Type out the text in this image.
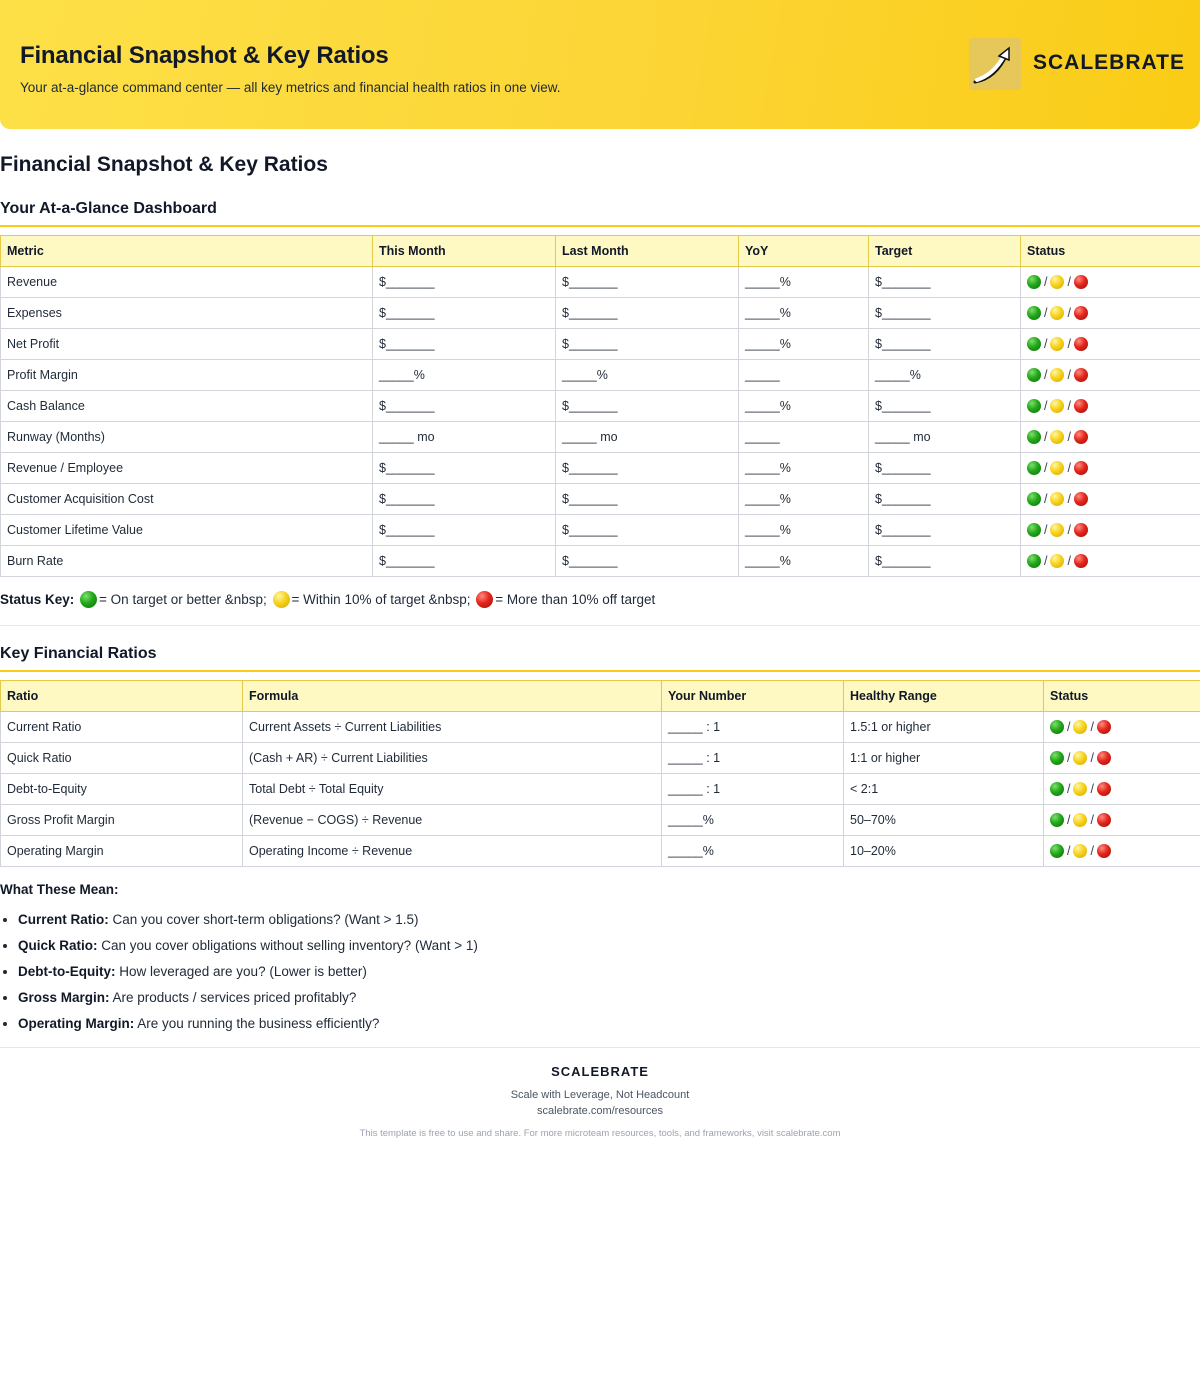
Financial Snapshot & Key Ratios
Your at-a-glance command center — all key metrics and financial health ratios in one view.
SCALEBRATE
Financial Snapshot & Key Ratios
Your At-a-Glance Dashboard
Metric	This Month	Last Month	YoY	Target	Status
Revenue	$_______	$_______	_____%	$_______	/ /
Expenses	$_______	$_______	_____%	$_______	/ /
Net Profit	$_______	$_______	_____%	$_______	/ /
Profit Margin	_____%	_____%	_____	_____%	/ /
Cash Balance	$_______	$_______	_____%	$_______	/ /
Runway (Months)	_____ mo	_____ mo	_____	_____ mo	/ /
Revenue / Employee	$_______	$_______	_____%	$_______	/ /
Customer Acquisition Cost	$_______	$_______	_____%	$_______	/ /
Customer Lifetime Value	$_______	$_______	_____%	$_______	/ /
Burn Rate	$_______	$_______	_____%	$_______	/ /
Status Key: = On target or better &nbsp; = Within 10% of target &nbsp; = More than 10% off target
Key Financial Ratios
Ratio	Formula	Your Number	Healthy Range	Status
Current Ratio	Current Assets ÷ Current Liabilities	_____ : 1	1.5:1 or higher	/ /
Quick Ratio	(Cash + AR) ÷ Current Liabilities	_____ : 1	1:1 or higher	/ /
Debt-to-Equity	Total Debt ÷ Total Equity	_____ : 1	< 2:1	/ /
Gross Profit Margin	(Revenue − COGS) ÷ Revenue	_____%	50–70%	/ /
Operating Margin	Operating Income ÷ Revenue	_____%	10–20%	/ /
What These Mean:
• Current Ratio: Can you cover short-term obligations? (Want > 1.5)
• Quick Ratio: Can you cover obligations without selling inventory? (Want > 1)
• Debt-to-Equity: How leveraged are you? (Lower is better)
• Gross Margin: Are products / services priced profitably?
• Operating Margin: Are you running the business efficiently?
SCALEBRATE
Scale with Leverage, Not Headcount
scalebrate.com/resources
This template is free to use and share. For more microteam resources, tools, and frameworks, visit scalebrate.com
